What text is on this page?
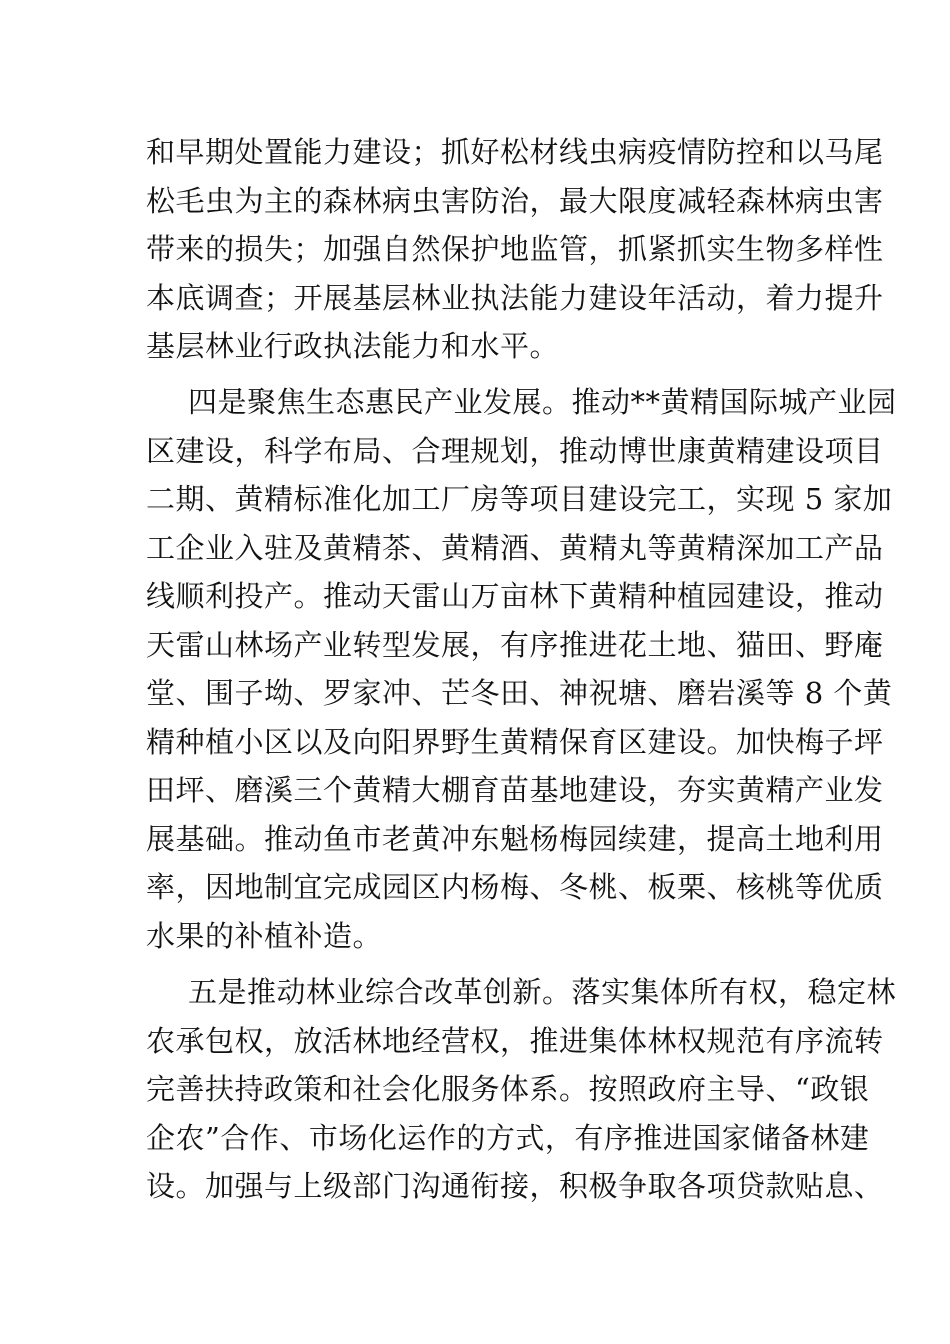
和早期处置能力建设；抓好松材线虫病疫情防控和以马尾
松毛虫为主的森林病虫害防治，最大限度减轻森林病虫害
带来的损失；加强自然保护地监管，抓紧抓实生物多样性
本底调查；开展基层林业执法能力建设年活动，着力提升
基层林业行政执法能力和水平。
四是聚焦生态惠民产业发展。推动**黄精国际城产业园
区建设，科学布局、合理规划，推动博世康黄精建设项目
二期、黄精标准化加工厂房等项目建设完工，实现 5 家加
工企业入驻及黄精茶、黄精酒、黄精丸等黄精深加工产品
线顺利投产。推动天雷山万亩林下黄精种植园建设，推动
天雷山林场产业转型发展，有序推进花土地、猫田、野庵
堂、围子坳、罗家冲、芒冬田、神祝塘、磨岩溪等 8 个黄
精种植小区以及向阳界野生黄精保育区建设。加快梅子坪
田坪、磨溪三个黄精大棚育苗基地建设，夯实黄精产业发
展基础。推动鱼市老黄冲东魁杨梅园续建，提高土地利用
率，因地制宜完成园区内杨梅、冬桃、板栗、核桃等优质
水果的补植补造。
五是推动林业综合改革创新。落实集体所有权，稳定林
农承包权，放活林地经营权，推进集体林权规范有序流转
完善扶持政策和社会化服务体系。按照政府主导、“政银
企农”合作、市场化运作的方式，有序推进国家储备林建
设。加强与上级部门沟通衔接，积极争取各项贷款贴息、
